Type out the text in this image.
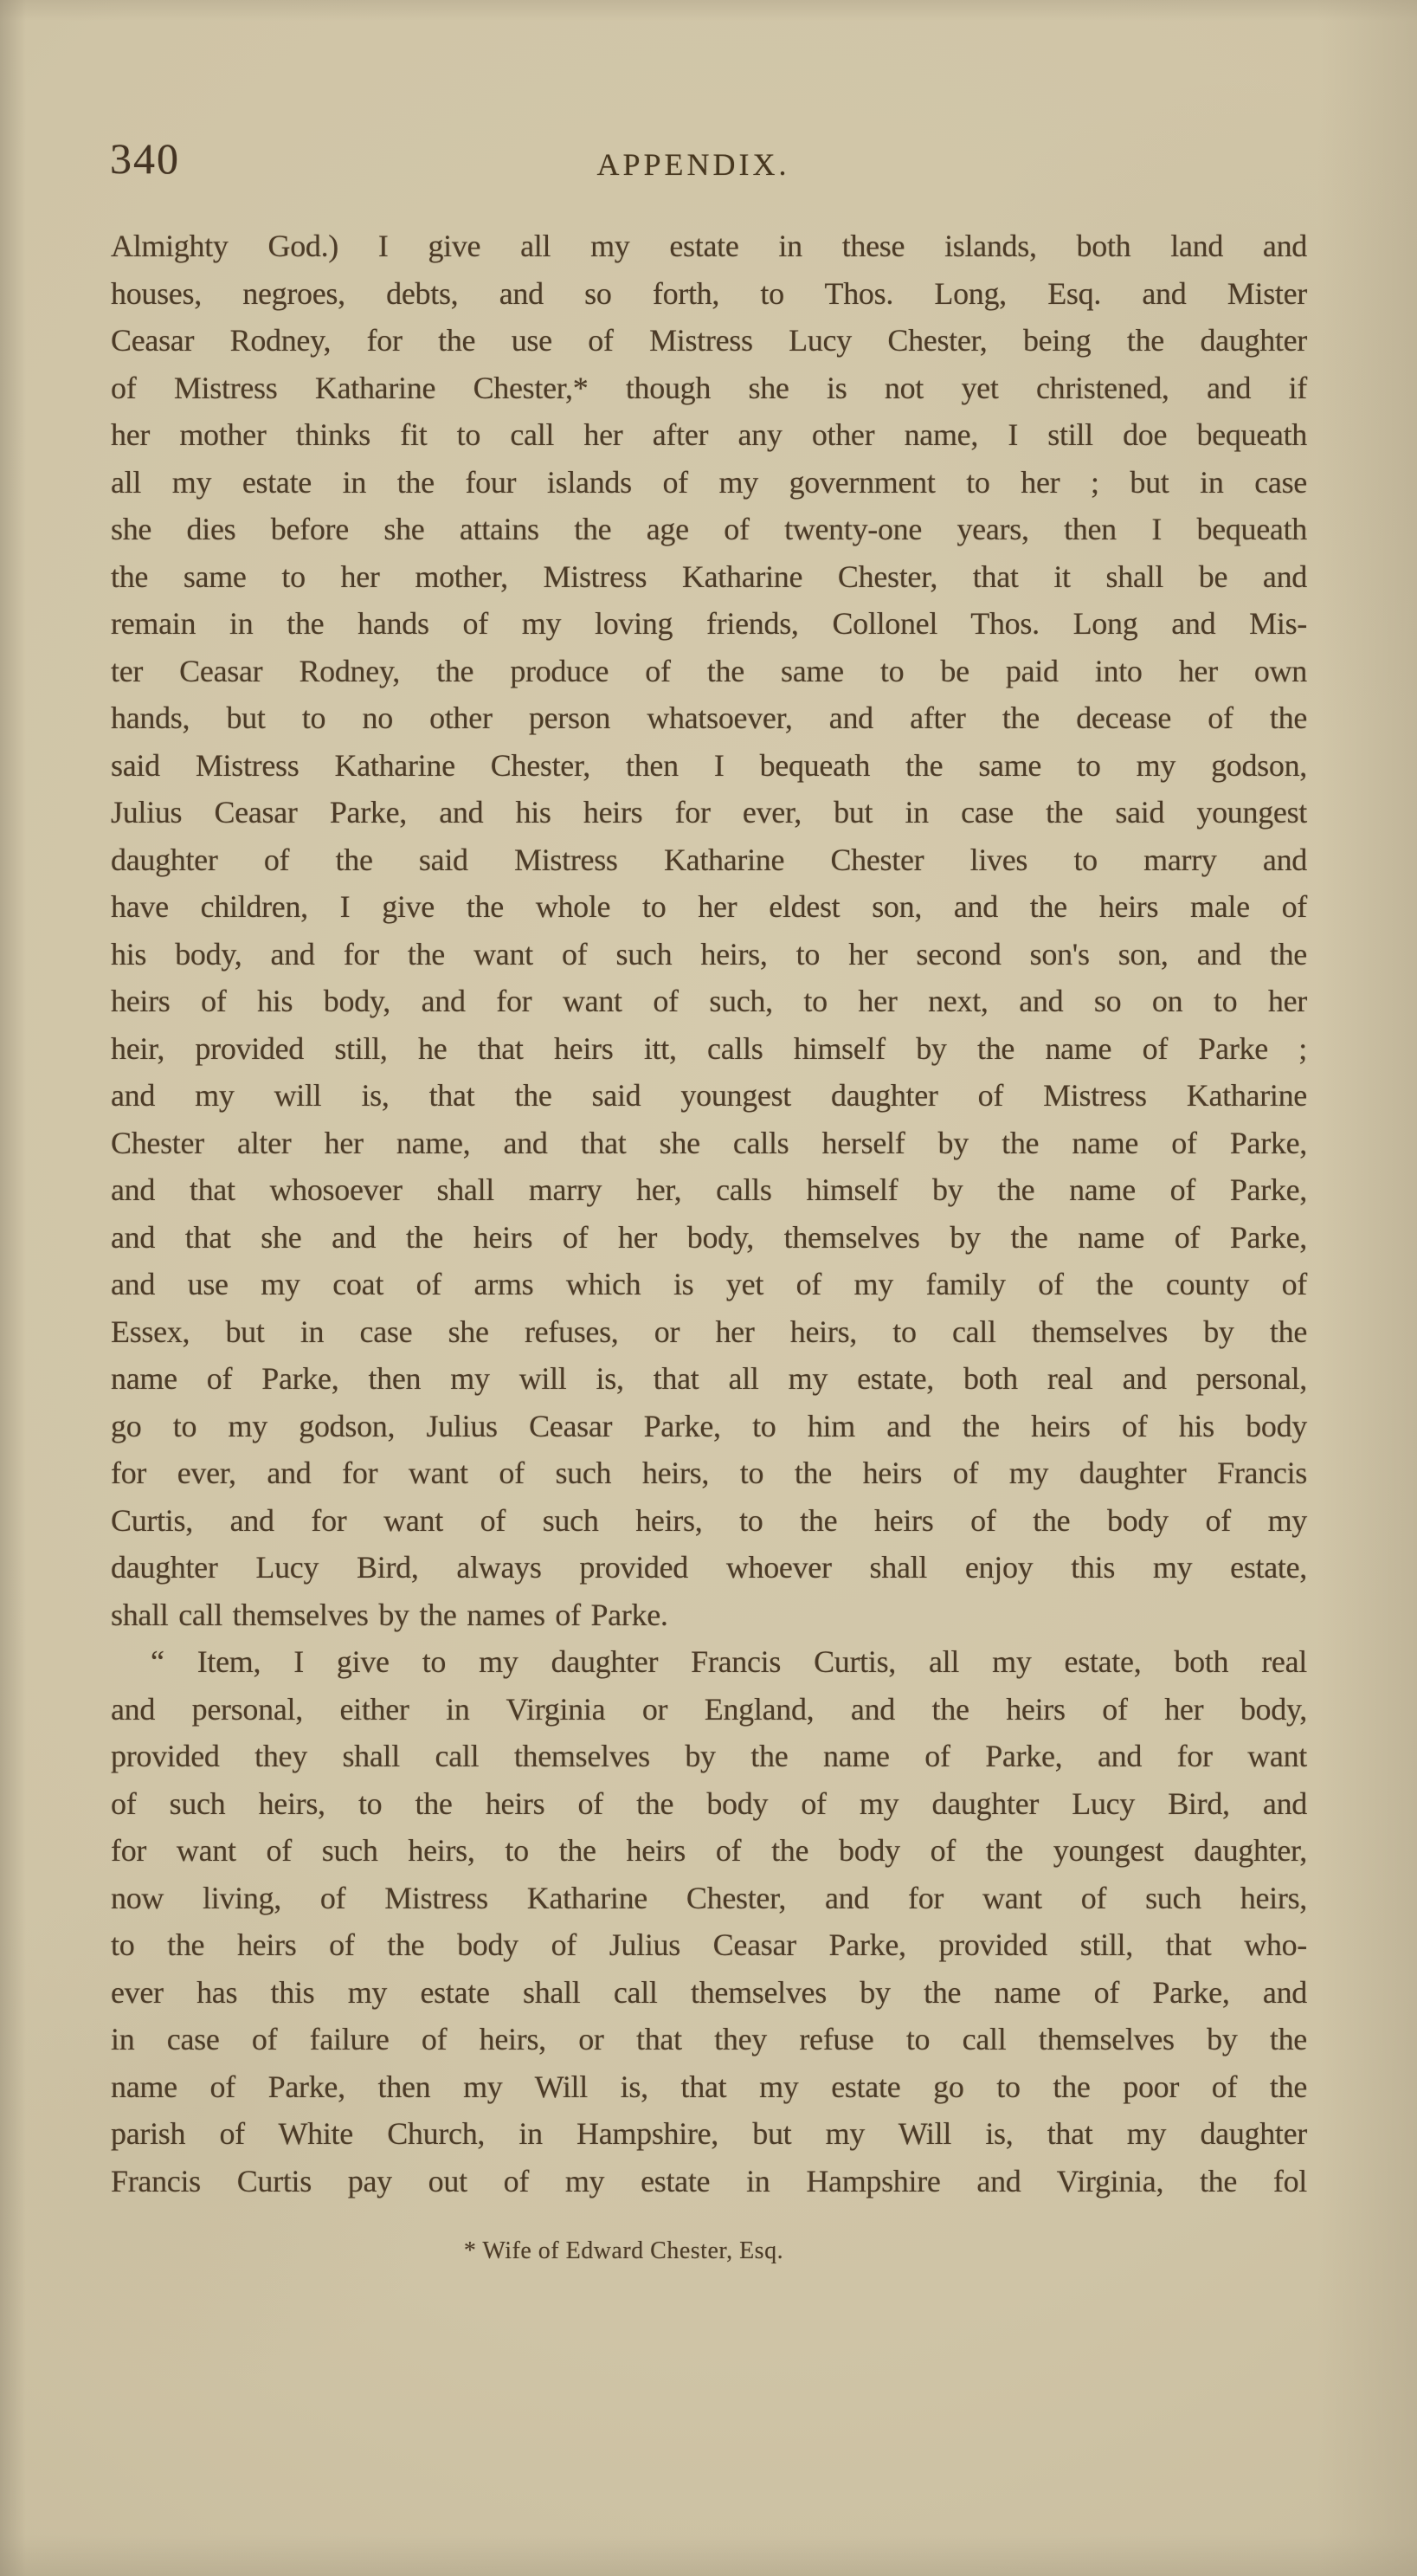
340	APPENDIX.
Almighty God.) I give all my estate in these islands, both land and
houses, negroes, debts, and so forth, to Thos. Long, Esq. and Mister
Ceasar Rodney, for the use of Mistress Lucy Chester, being the daughter
of Mistress Katharine Chester,* though she is not yet christened, and if
her mother thinks fit to call her after any other name, I still doe bequeath
all my estate in the four islands of my government to her ; but in case
she dies before she attains the age of twenty-one years, then I bequeath
the same to her mother, Mistress Katharine Chester, that it shall be and
remain in the hands of my loving friends, Collonel Thos. Long and Mis-
ter Ceasar Rodney, the produce of the same to be paid into her own
hands, but to no other person whatsoever, and after the decease of the
said Mistress Katharine Chester, then I bequeath the same to my godson,
Julius Ceasar Parke, and his heirs for ever, but in case the said youngest
daughter of the said Mistress Katharine Chester lives to marry and
have children, I give the whole to her eldest son, and the heirs male of
his body, and for the want of such heirs, to her second son's son, and the
heirs of his body, and for want of such, to her next, and so on to her
heir, provided still, he that heirs itt, calls himself by the name of Parke ;
and my will is, that the said youngest daughter of Mistress Katharine
Chester alter her name, and that she calls herself by the name of Parke,
and that whosoever shall marry her, calls himself by the name of Parke,
and that she and the heirs of her body, themselves by the name of Parke,
and use my coat of arms which is yet of my family of the county of
Essex, but in case she refuses, or her heirs, to call themselves by the
name of Parke, then my will is, that all my estate, both real and personal,
go to my godson, Julius Ceasar Parke, to him and the heirs of his body
for ever, and for want of such heirs, to the heirs of my daughter Francis
Curtis, and for want of such heirs, to the heirs of the body of my
daughter Lucy Bird, always provided whoever shall enjoy this my estate,
shall call themselves by the names of Parke.
“ Item, I give to my daughter Francis Curtis, all my estate, both real
and personal, either in Virginia or England, and the heirs of her body,
provided they shall call themselves by the name of Parke, and for want
of such heirs, to the heirs of the body of my daughter Lucy Bird, and
for want of such heirs, to the heirs of the body of the youngest daughter,
now living, of Mistress Katharine Chester, and for want of such heirs,
to the heirs of the body of Julius Ceasar Parke, provided still, that who-
ever has this my estate shall call themselves by the name of Parke, and
in case of failure of heirs, or that they refuse to call themselves by the
name of Parke, then my Will is, that my estate go to the poor of the
parish of White Church, in Hampshire, but my Will is, that my daughter
Francis Curtis pay out of my estate in Hampshire and Virginia, the fol
* Wife of Edward Chester, Esq.
